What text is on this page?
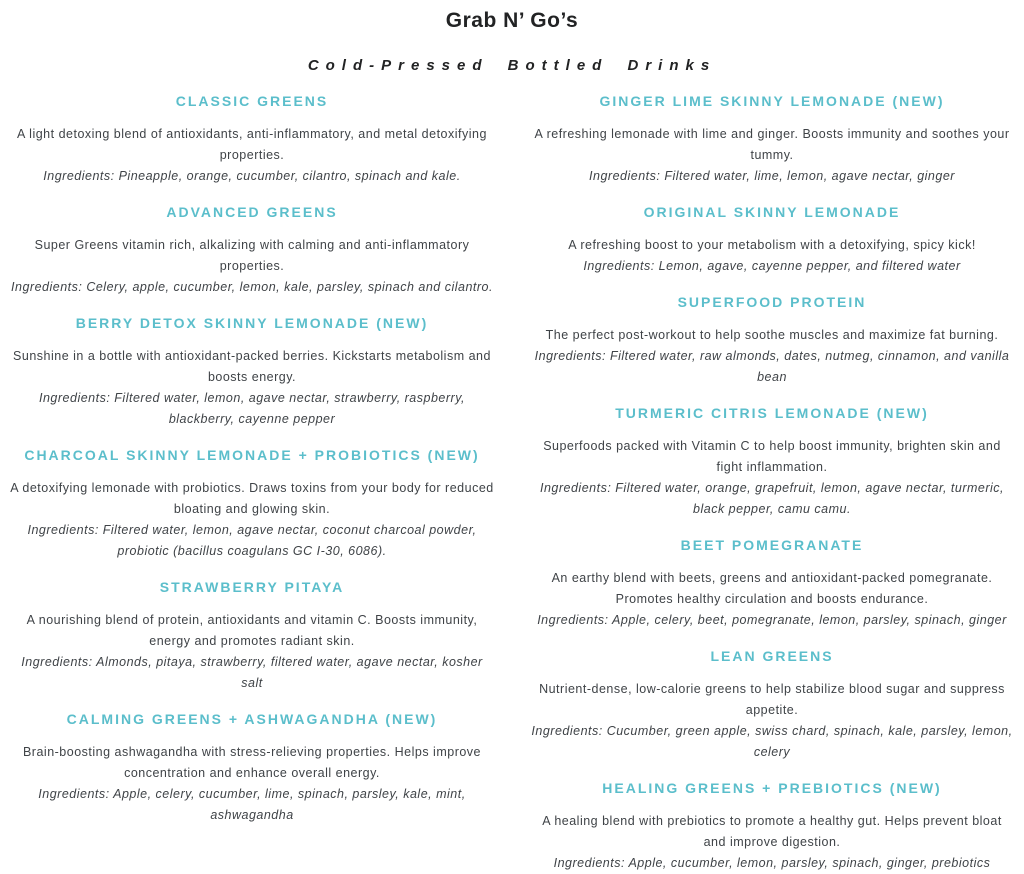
Grab N’ Go’s
Cold-Pressed Bottled Drinks
CLASSIC GREENS

A light detoxing blend of antioxidants, anti-inflammatory, and metal detoxifying properties.

Ingredients: Pineapple, orange, cucumber, cilantro, spinach and kale.

ADVANCED GREENS

Super Greens vitamin rich, alkalizing with calming and anti-inflammatory properties.

Ingredients: Celery, apple, cucumber, lemon, kale, parsley, spinach and cilantro.

BERRY DETOX SKINNY LEMONADE (NEW)

Sunshine in a bottle with antioxidant-packed berries. Kickstarts metabolism and boosts energy.

Ingredients: Filtered water, lemon, agave nectar, strawberry, raspberry, blackberry, cayenne pepper

CHARCOAL SKINNY LEMONADE + PROBIOTICS (NEW)

A detoxifying lemonade with probiotics. Draws toxins from your body for reduced bloating and glowing skin.

Ingredients: Filtered water, lemon, agave nectar, coconut charcoal powder, probiotic (bacillus coagulans GC I-30, 6086).

STRAWBERRY PITAYA

A nourishing blend of protein, antioxidants and vitamin C. Boosts immunity, energy and promotes radiant skin.

Ingredients: Almonds, pitaya, strawberry, filtered water, agave nectar, kosher salt

CALMING GREENS + ASHWAGANDHA (NEW)

Brain-boosting ashwagandha with stress-relieving properties. Helps improve concentration and enhance overall energy.

Ingredients: Apple, celery, cucumber, lime, spinach, parsley, kale, mint, ashwagandha

GINGER LIME SKINNY LEMONADE (NEW)

A refreshing lemonade with lime and ginger. Boosts immunity and soothes your tummy.

Ingredients: Filtered water, lime, lemon, agave nectar, ginger

ORIGINAL SKINNY LEMONADE

A refreshing boost to your metabolism with a detoxifying, spicy kick!

Ingredients: Lemon, agave, cayenne pepper, and filtered water

SUPERFOOD PROTEIN

The perfect post-workout to help soothe muscles and maximize fat burning.

Ingredients: Filtered water, raw almonds, dates, nutmeg, cinnamon, and vanilla bean

TURMERIC CITRIS LEMONADE (NEW)

Superfoods packed with Vitamin C to help boost immunity, brighten skin and fight inflammation.

Ingredients: Filtered water, orange, grapefruit, lemon, agave nectar, turmeric, black pepper, camu camu.

BEET POMEGRANATE

An earthy blend with beets, greens and antioxidant-packed pomegranate. Promotes healthy circulation and boosts endurance.

Ingredients: Apple, celery, beet, pomegranate, lemon, parsley, spinach, ginger

LEAN GREENS

Nutrient-dense, low-calorie greens to help stabilize blood sugar and suppress appetite.

Ingredients: Cucumber, green apple, swiss chard, spinach, kale, parsley, lemon, celery

HEALING GREENS + PREBIOTICS (NEW)

A healing blend with prebiotics to promote a healthy gut. Helps prevent bloat and improve digestion.

Ingredients: Apple, cucumber, lemon, parsley, spinach, ginger, prebiotics
